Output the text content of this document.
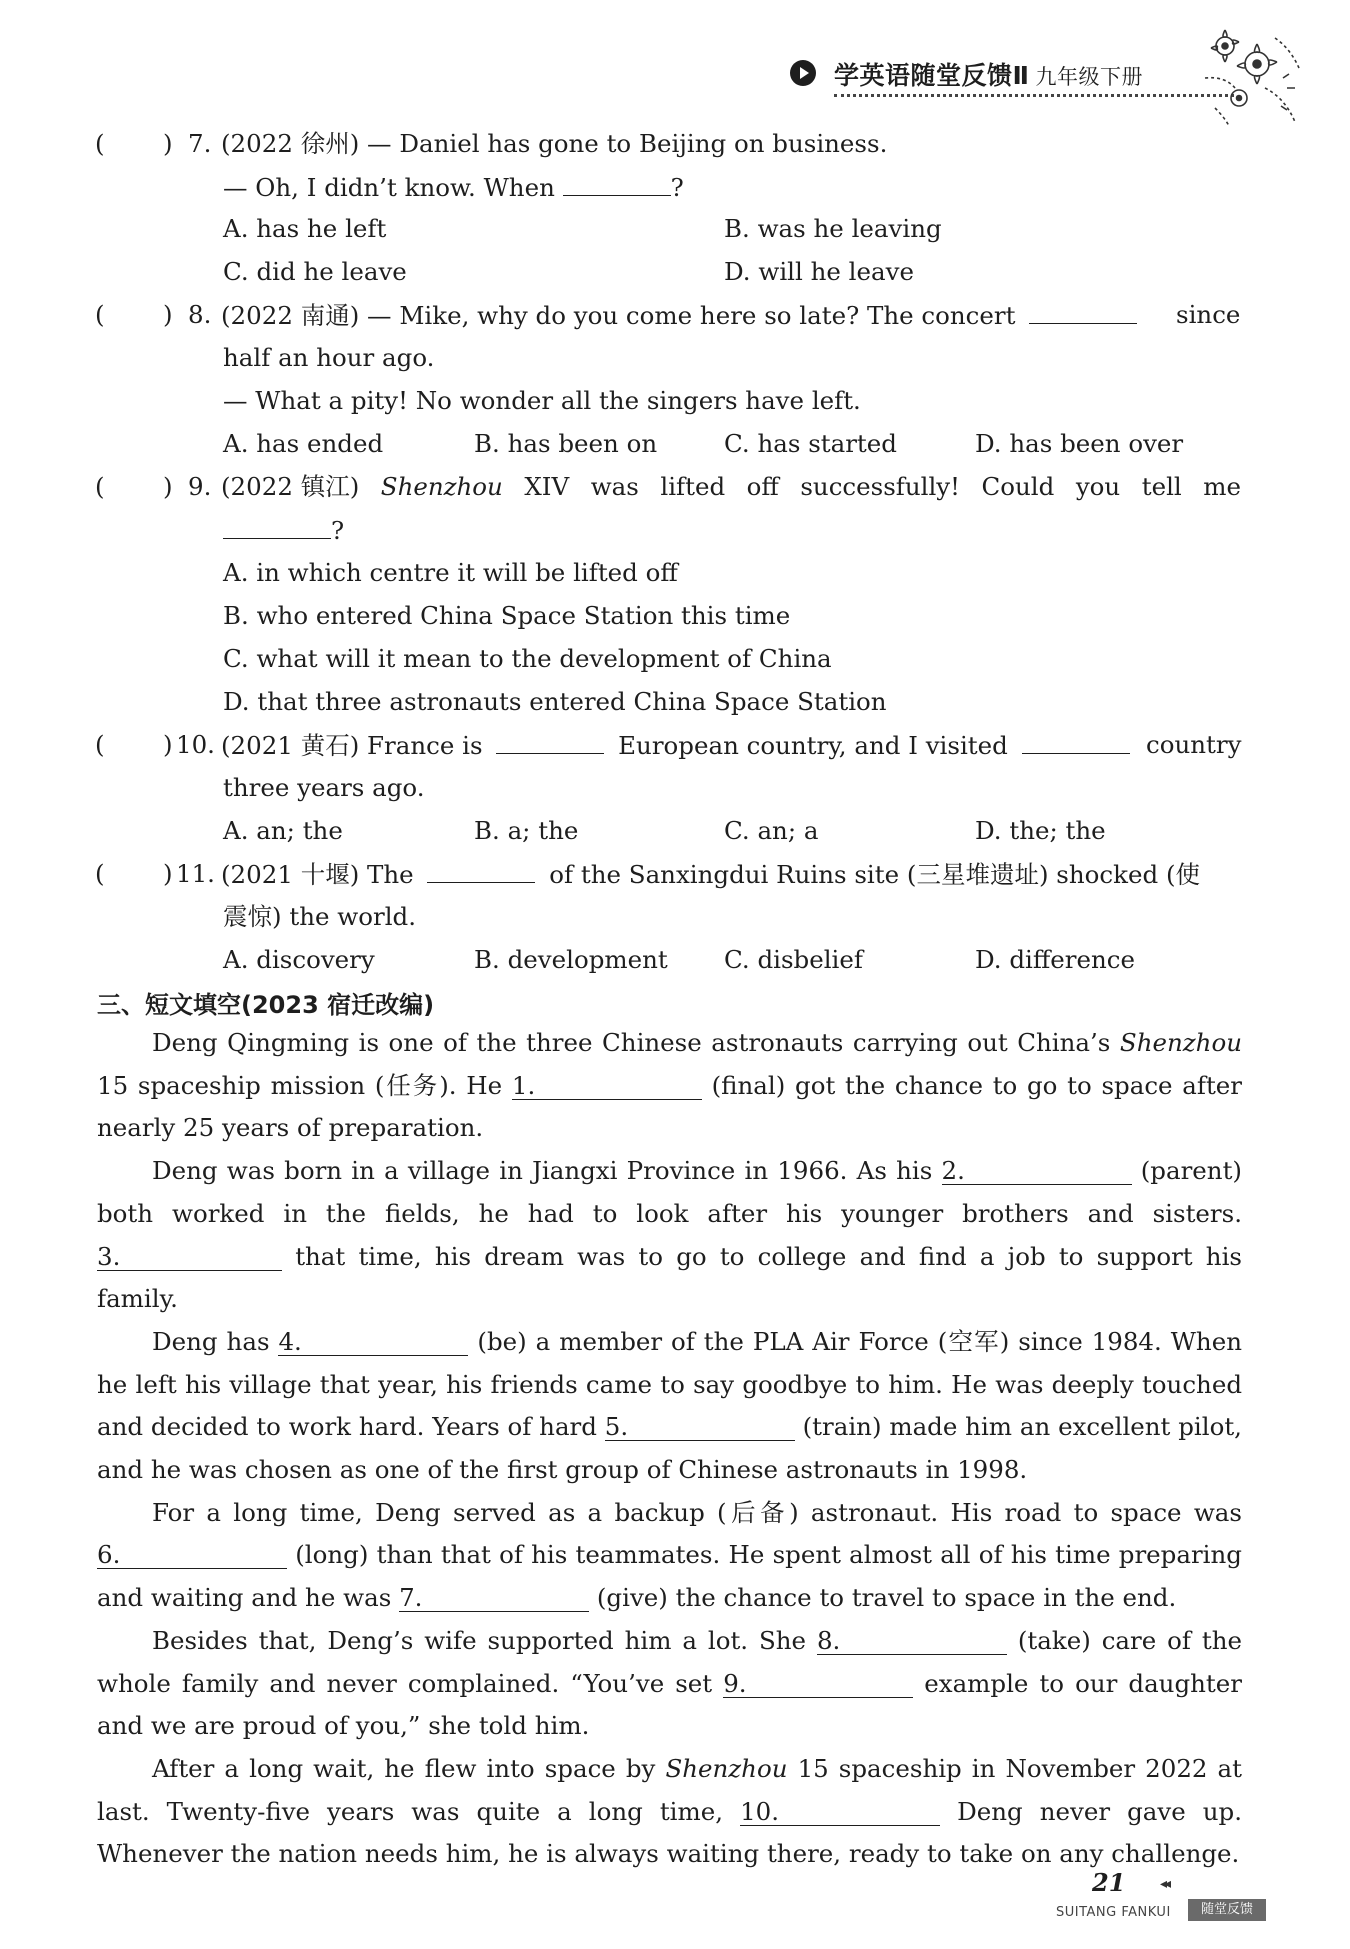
学英语随堂反馈Ⅱ 九年级下册
( ) 7. (2022 徐州) — Daniel has gone to Beijing on business.
— Oh, I didn’t know. When	?
A. has he left	B. was he leaving
C. did he leave	D. will he leave
( ) 8. (2022 南通) — Mike, why do you come here so late? The concert	since
half an hour ago.
— What a pity! No wonder all the singers have left.
A. has ended	B. has been on	C. has started	D. has been over
( ) 9. (2022 镇江) Shenzhou XIV was lifted off successfully! Could you tell me
?
A. in which centre it will be lifted off
B. who entered China Space Station this time
C. what will it mean to the development of China
D. that three astronauts entered China Space Station
( ) 10. (2021 黄石) France is	European country, and I visited	country
three years ago.
A. an; the	B. a; the	C. an; a	D. the; the
( ) 11. (2021 十堰) The	of the Sanxingdui Ruins site (三星堆遗址) shocked (使
震惊) the world.
A. discovery	B. development C. disbelief	D. difference
三、短文填空(2023 宿迁改编)

Deng Qingming is one of the three Chinese astronauts carrying out China’s Shenzhou 15 spaceship mission (任务). He 1.	(final) got the chance to go to space after nearly 25 years of preparation.

Deng was born in a village in Jiangxi Province in 1966. As his 2.	(parent) both worked in the fields, he had to look after his younger brothers and sisters. 3.	that time, his dream was to go to college and find a job to support his family.

Deng has 4.	(be) a member of the PLA Air Force (空军) since 1984. When he left his village that year, his friends came to say goodbye to him. He was deeply touched and decided to work hard. Years of hard 5.	(train) made him an excellent pilot, and he was chosen as one of the first group of Chinese astronauts in 1998.

For a long time, Deng served as a backup (后备) astronaut. His road to space was 6.	(long) than that of his teammates. He spent almost all of his time preparing and waiting and he was 7.	(give) the chance to travel to space in the end.

Besides that, Deng’s wife supported him a lot. She 8.	(take) care of the whole family and never complained. “You’ve set 9.	example to our daughter and we are proud of you,” she told him.

After a long wait, he flew into space by Shenzhou 15 spaceship in November 2022 at last. Twenty-five years was quite a long time, 10.	Deng never gave up. Whenever the nation needs him, he is always waiting there, ready to take on any challenge.

21 ◂◂
SUITANG FANKUI	随堂反馈
